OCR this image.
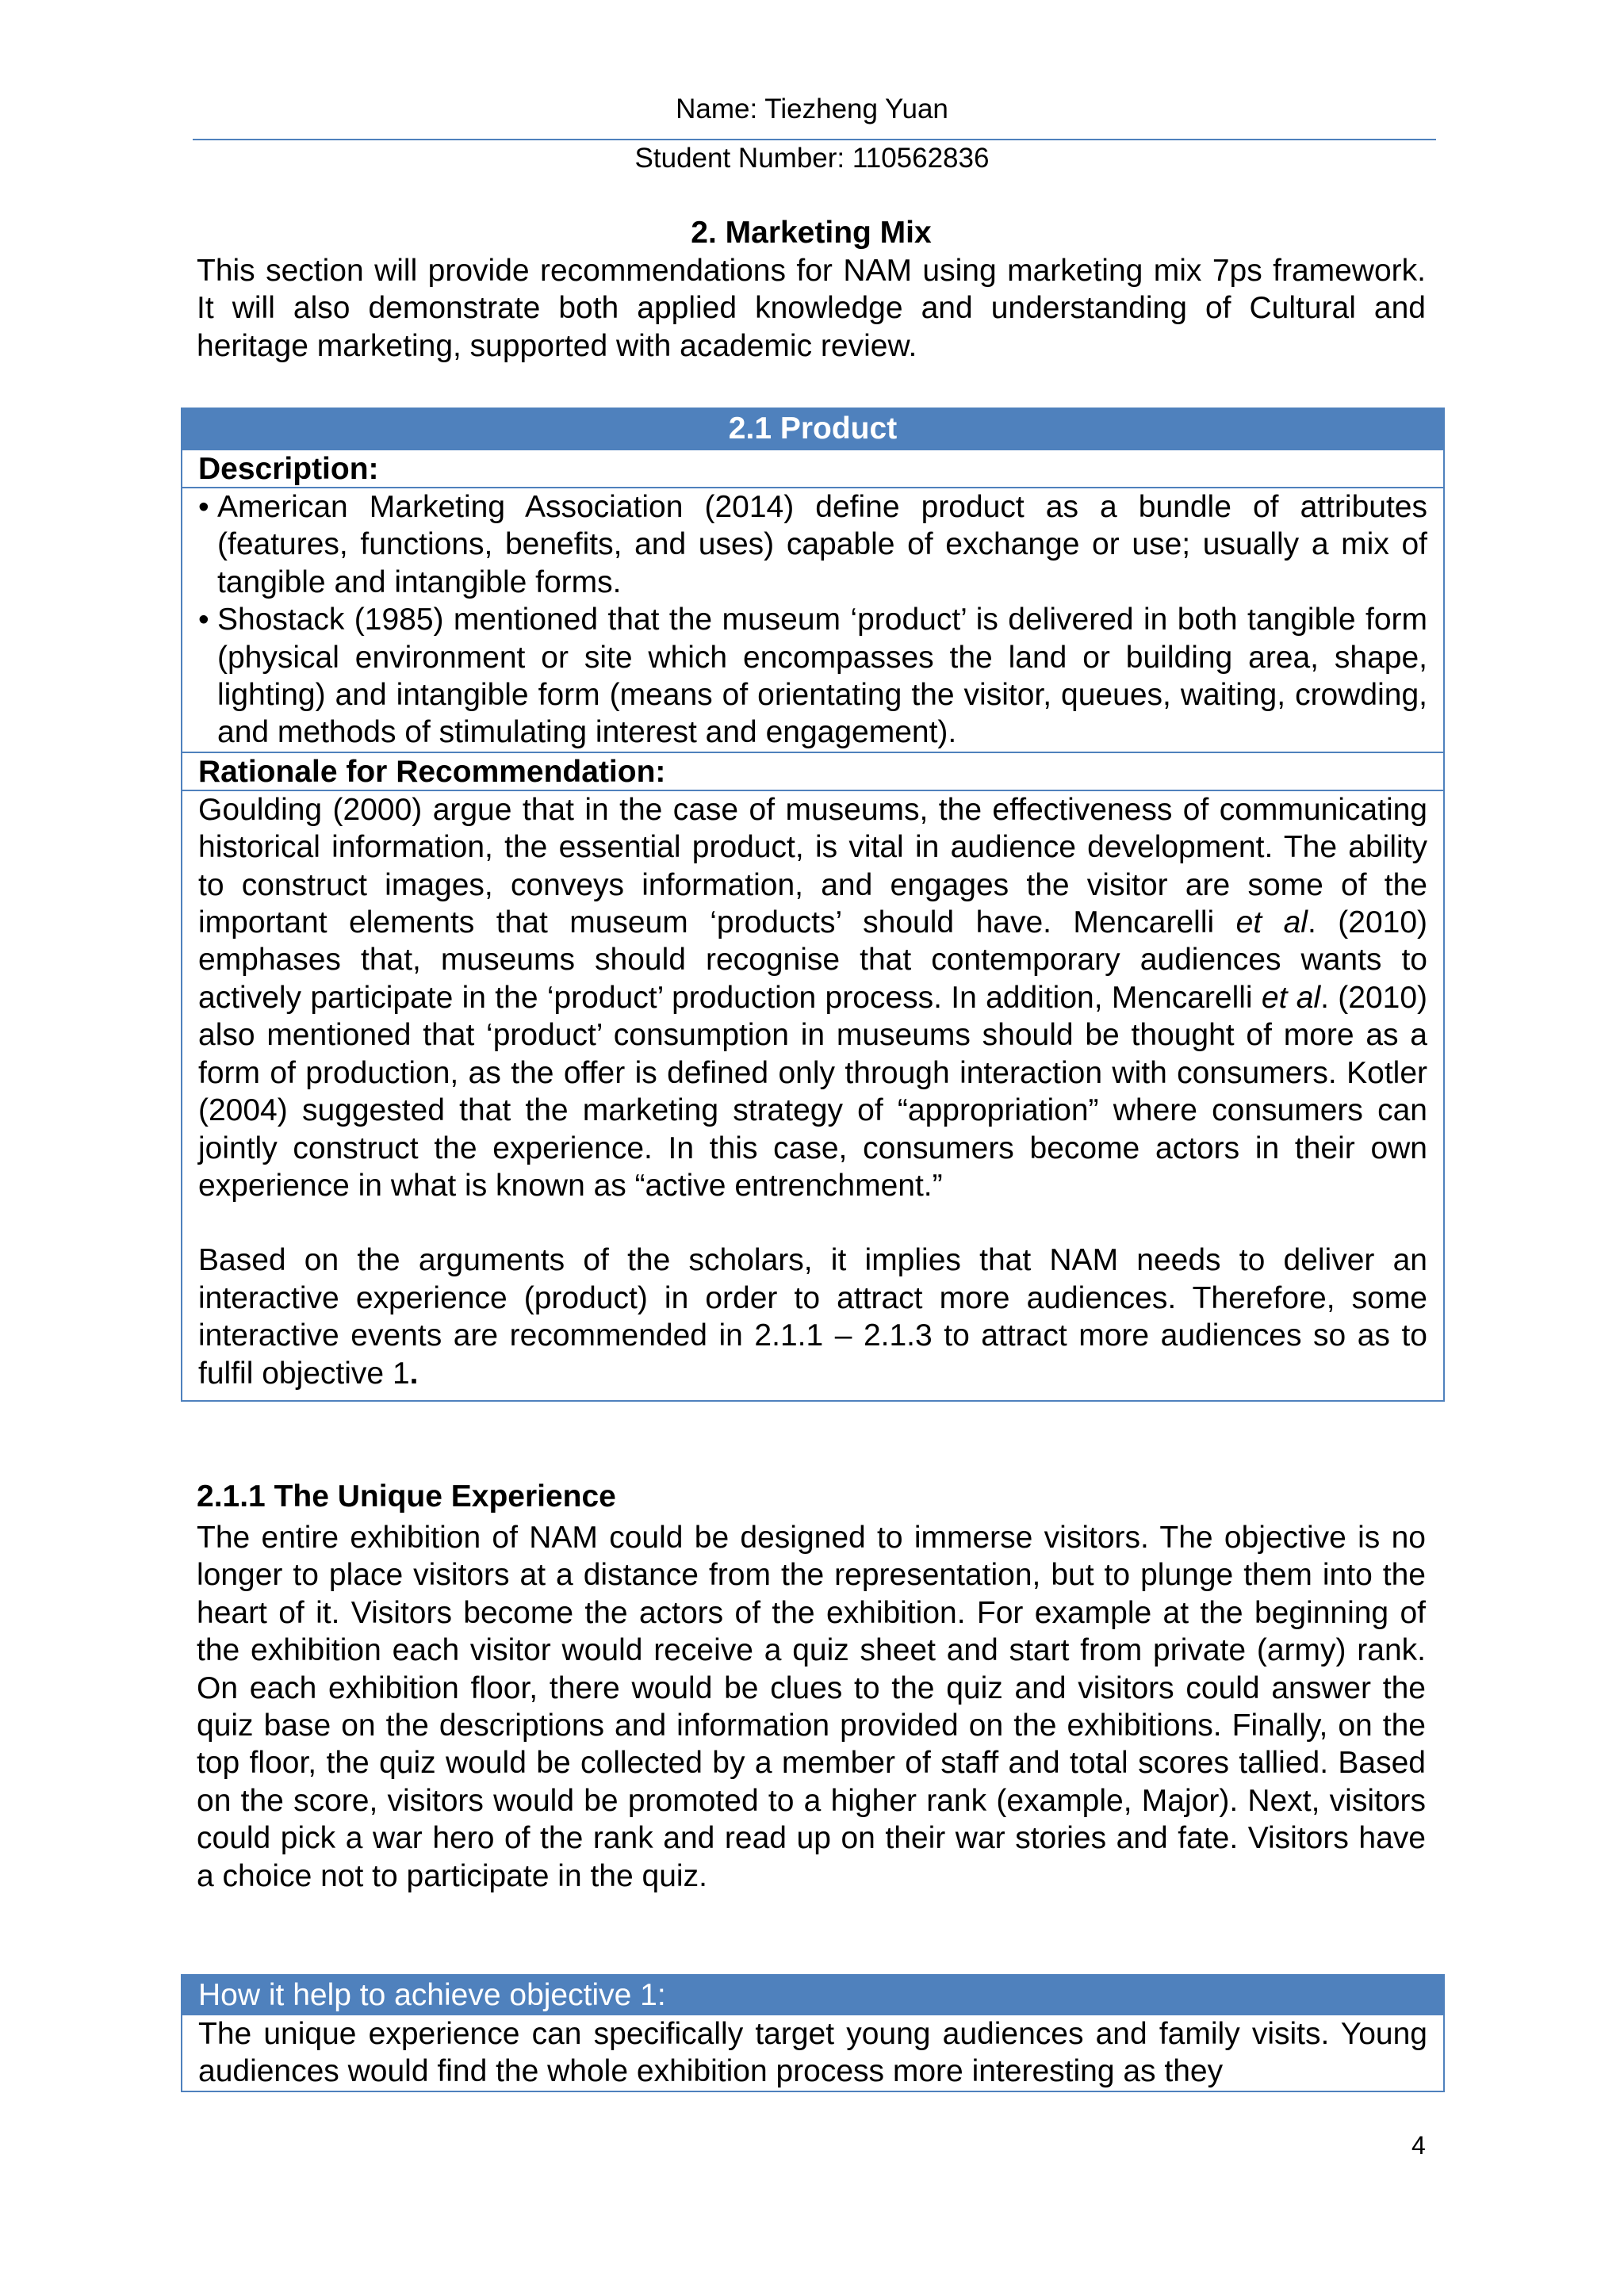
Name: Tiezheng Yuan
Student Number: 110562836

2. Marketing Mix

This section will provide recommendations for NAM using marketing mix 7ps framework. It will also demonstrate both applied knowledge and understanding of Cultural and heritage marketing, supported with academic review.

2.1 Product
Description:
• American Marketing Association (2014) define product as a bundle of attributes (features, functions, benefits, and uses) capable of exchange or use; usually a mix of tangible and intangible forms.
• Shostack (1985) mentioned that the museum ‘product’ is delivered in both tangible form (physical environment or site which encompasses the land or building area, shape, lighting) and intangible form (means of orientating the visitor, queues, waiting, crowding, and methods of stimulating interest and engagement).
Rationale for Recommendation:

Goulding (2000) argue that in the case of museums, the effectiveness of communicating historical information, the essential product, is vital in audience development. The ability to construct images, conveys information, and engages the visitor are some of the important elements that museum ‘products’ should have. Mencarelli et al. (2010) emphases that, museums should recognise that contemporary audiences wants to actively participate in the ‘product’ production process. In addition, Mencarelli et al. (2010) also mentioned that ‘product’ consumption in museums should be thought of more as a form of production, as the offer is defined only through interaction with consumers. Kotler (2004) suggested that the marketing strategy of “appropriation” where consumers can jointly construct the experience. In this case, consumers become actors in their own experience in what is known as “active entrenchment.”

Based on the arguments of the scholars, it implies that NAM needs to deliver an interactive experience (product) in order to attract more audiences. Therefore, some interactive events are recommended in 2.1.1 – 2.1.3 to attract more audiences so as to fulfil objective 1.

2.1.1 The Unique Experience
The entire exhibition of NAM could be designed to immerse visitors. The objective is no longer to place visitors at a distance from the representation, but to plunge them into the heart of it. Visitors become the actors of the exhibition. For example at the beginning of the exhibition each visitor would receive a quiz sheet and start from private (army) rank. On each exhibition floor, there would be clues to the quiz and visitors could answer the quiz base on the descriptions and information provided on the exhibitions. Finally, on the top floor, the quiz would be collected by a member of staff and total scores tallied. Based on the score, visitors would be promoted to a higher rank (example, Major). Next, visitors could pick a war hero of the rank and read up on their war stories and fate. Visitors have a choice not to participate in the quiz.
How it help to achieve objective 1:
The unique experience can specifically target young audiences and family visits. Young audiences would find the whole exhibition process more interesting as they
4
